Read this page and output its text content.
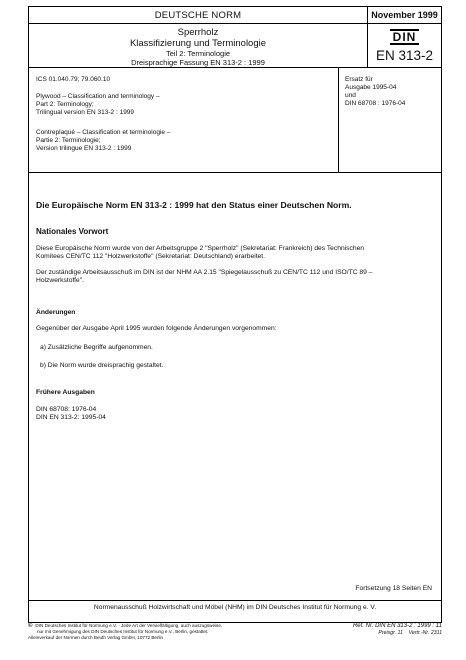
DEUTSCHE NORM	November 1999
Sperrholz
Klassifizierung und Terminologie
Teil 2: Terminologie
Dreisprachige Fassung EN 313-2 : 1999
DIN
EN 313-2
ICS 01.040.79; 79.060.10	Ersatz für
Ausgabe 1995-04
und
DIN 68708 : 1976-04
Plywood – Classification and terminology –
Part 2: Terminology;
Trilingual version EN 313-2 : 1999
Contreplaqué – Classification et terminologie –
Partie 2: Terminologie;
Version trilingue EN 313-2 : 1999
Die Europäische Norm EN 313-2 : 1999 hat den Status einer Deutschen Norm.
Nationales Vorwort
Diese Europäische Norm wurde von der Arbeitsgruppe 2 "Sperrholz" (Sekretariat: Frankreich) des Technischen
Komitees CEN/TC 112 "Holzwerkstoffe" (Sekretariat: Deutschland) erarbeitet.
Der zuständige Arbeitsausschuß im DIN ist der NHM AA 2.15 "Spiegelausschuß zu CEN/TC 112 und ISO/TC 89 –
Holzwerkstoffe".
Änderungen
Gegenüber der Ausgabe April 1995 wurden folgende Änderungen vorgenommen:
a) Zusätzliche Begriffe aufgenommen.
b) Die Norm wurde dreisprachig gestaltet.
Frühere Ausgaben
DIN 68708: 1976-04
DIN EN 313-2: 1995-04
Fortsetzung 18 Seiten EN
Normenausschuß Holzwirtschaft und Möbel (NHM) im DIN Deutsches Institut für Normung e. V.
© DIN Deutsches Institut für Normung e.V. · Jede Art der Vervielfältigung, auch auszugsweise,
nur mit Genehmigung des DIN Deutsches Institut für Normung e.V., Berlin, gestattet.
Alleinverkauf der Normen durch Beuth Verlag GmbH, 10772 Berlin
Ref. Nr. DIN EN 313-2 : 1999 : 11
Preisgr. 11 Vertr.-Nr. 2311
